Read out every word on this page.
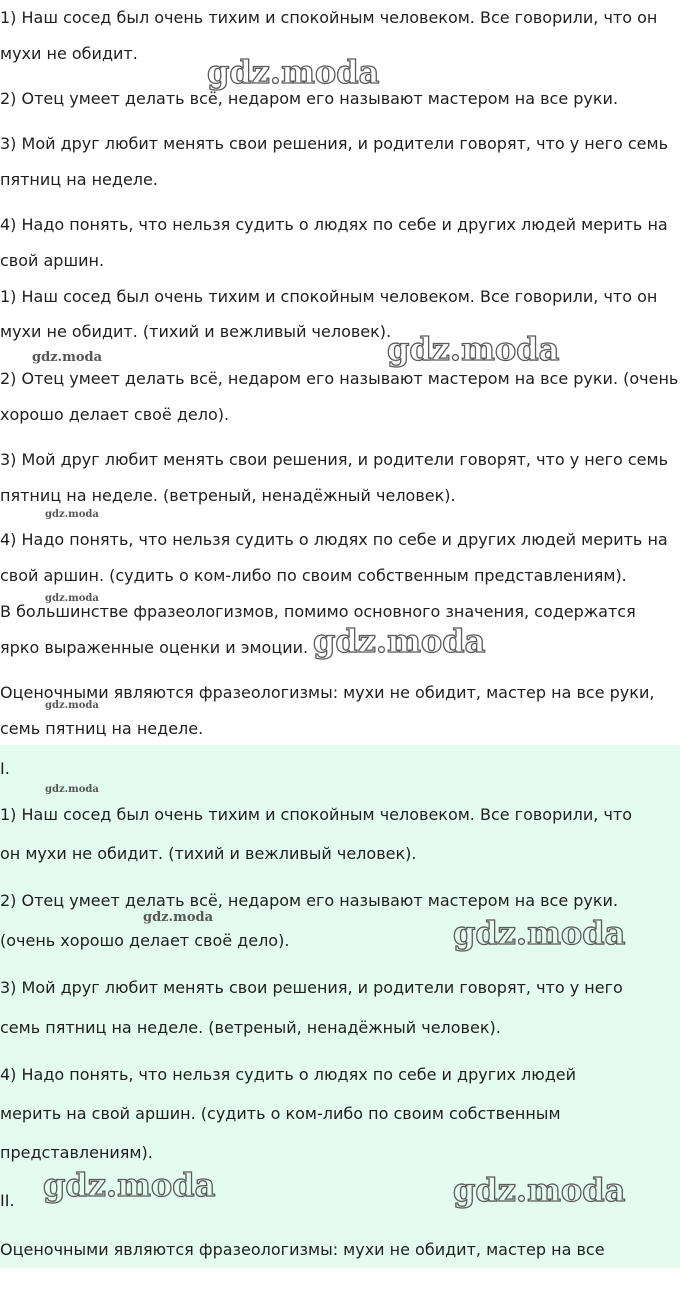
1) Наш сосед был очень тихим и спокойным человеком. Все говорили, что он
мухи не обидит.
2) Отец умеет делать всё, недаром его называют мастером на все руки.
3) Мой друг любит менять свои решения, и родители говорят, что у него семь
пятниц на неделе.
4) Надо понять, что нельзя судить о людях по себе и других людей мерить на
свой аршин.
1) Наш сосед был очень тихим и спокойным человеком. Все говорили, что он
мухи не обидит. (тихий и вежливый человек).
2) Отец умеет делать всё, недаром его называют мастером на все руки. (очень
хорошо делает своё дело).
3) Мой друг любит менять свои решения, и родители говорят, что у него семь
пятниц на неделе. (ветреный, ненадёжный человек).
4) Надо понять, что нельзя судить о людях по себе и других людей мерить на
свой аршин. (судить о ком-либо по своим собственным представлениям).
В большинстве фразеологизмов, помимо основного значения, содержатся
ярко выраженные оценки и эмоции.
Оценочными являются фразеологизмы: мухи не обидит, мастер на все руки,
семь пятниц на неделе.
I.
1) Наш сосед был очень тихим и спокойным человеком. Все говорили, что
он мухи не обидит. (тихий и вежливый человек).
2) Отец умеет делать всё, недаром его называют мастером на все руки.
(очень хорошо делает своё дело).
3) Мой друг любит менять свои решения, и родители говорят, что у него
семь пятниц на неделе. (ветреный, ненадёжный человек).
4) Надо понять, что нельзя судить о людях по себе и других людей
мерить на свой аршин. (судить о ком-либо по своим собственным
представлениям).
II.
Оценочными являются фразеологизмы: мухи не обидит, мастер на все
gdz.moda
gdz.moda
gdz.moda
gdz.moda
gdz.moda
gdz.moda
gdz.moda
gdz.moda
gdz.moda	gdz.moda
gdz.moda	gdz.moda
